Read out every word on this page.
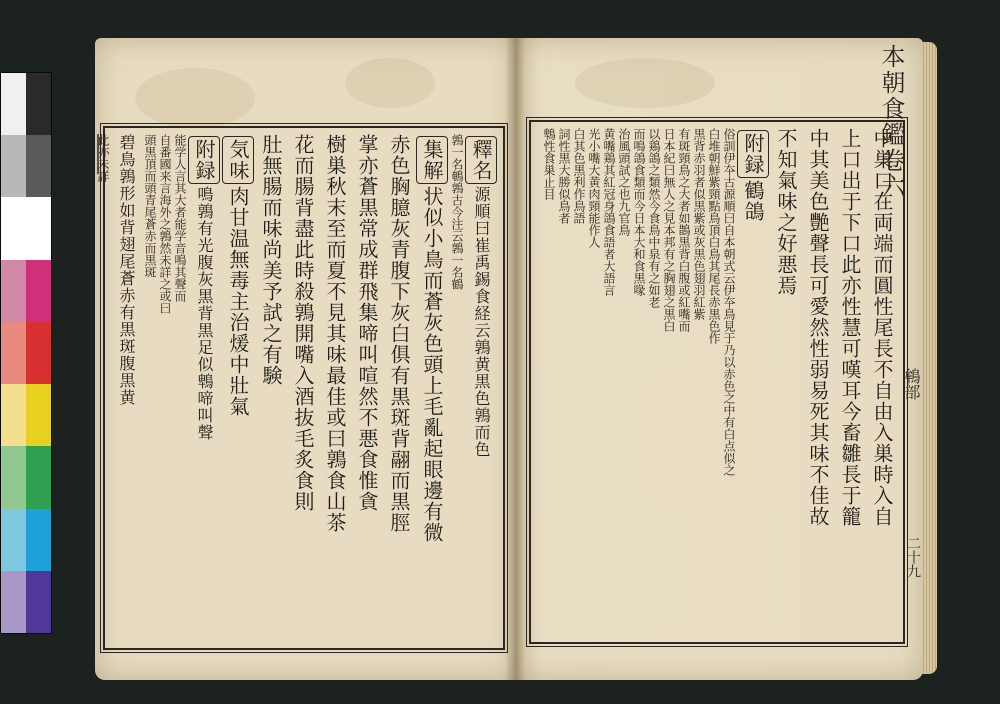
釋名源順曰崔禹錫食経云鶉黄黒色鶉而色
鶉一名鵪鶉古今注云鶉一名鶴
集解状似小鳥而蒼灰色頭上毛亂起眼邊有微
赤色胸臆灰青腹下灰白俱有黒斑背翮而黒脛
掌亦蒼黒常成群飛集啼叫喧然不悪食惟貪
樹巣秋末至而夏不見其味最佳或曰鶉食山茶
花而腸背盡此時殺鶉開嘴入酒抜毛炙食則
肚無腸而味尚美予試之有験
気味肉甘温無毒主治煖中壯氣
附録鳴鶉有光腹灰黒背黒足似鵯啼叫聲
能学人言其大者能学音鳴其聲而
自番國来言海外之鶉然未詳之或曰
頭黒頂而頭青尾蒼赤而黒斑
碧鳥鶉形如背翅尾蒼赤有黒斑腹黒黄
此亦未詳	本朝食鑑卷六
鴾部
二十九
中巣口在両端而圓性尾長不自由入巣時入自
上口出于下口此亦性慧可嘆耳今畜雛長于籠
中其美色艷聲長可愛然性弱易死其味不佳故
不知氣味之好悪焉
附録鶴鴿
俗訓伊夲古源順曰自本朝式云伊夲鳥見于乃以赤色之中有白点似之
白堆朝鮮紫頸點鳥頂白鳥其尾長赤黒色作
黒背赤羽者似黒紫或灰黒色翅羽紅紫
有斑頸鳥之大者如鵲黒背白腹或紅嘴而
日本紀曰無人之見本邦有之胸翅之黒白
以鶏鴿之類然今食鳥中泉有之如老
而鳴鴿食類而今日本大和食黒喙
治風頭試之也九官鳥
黄嘴鶏其紅冠身鴿食語者大語言
光小嘴大黄肉頸能作人
白其色黒利作鳥語
詞性黒大勝似鳥者
鵯性食巣止目
